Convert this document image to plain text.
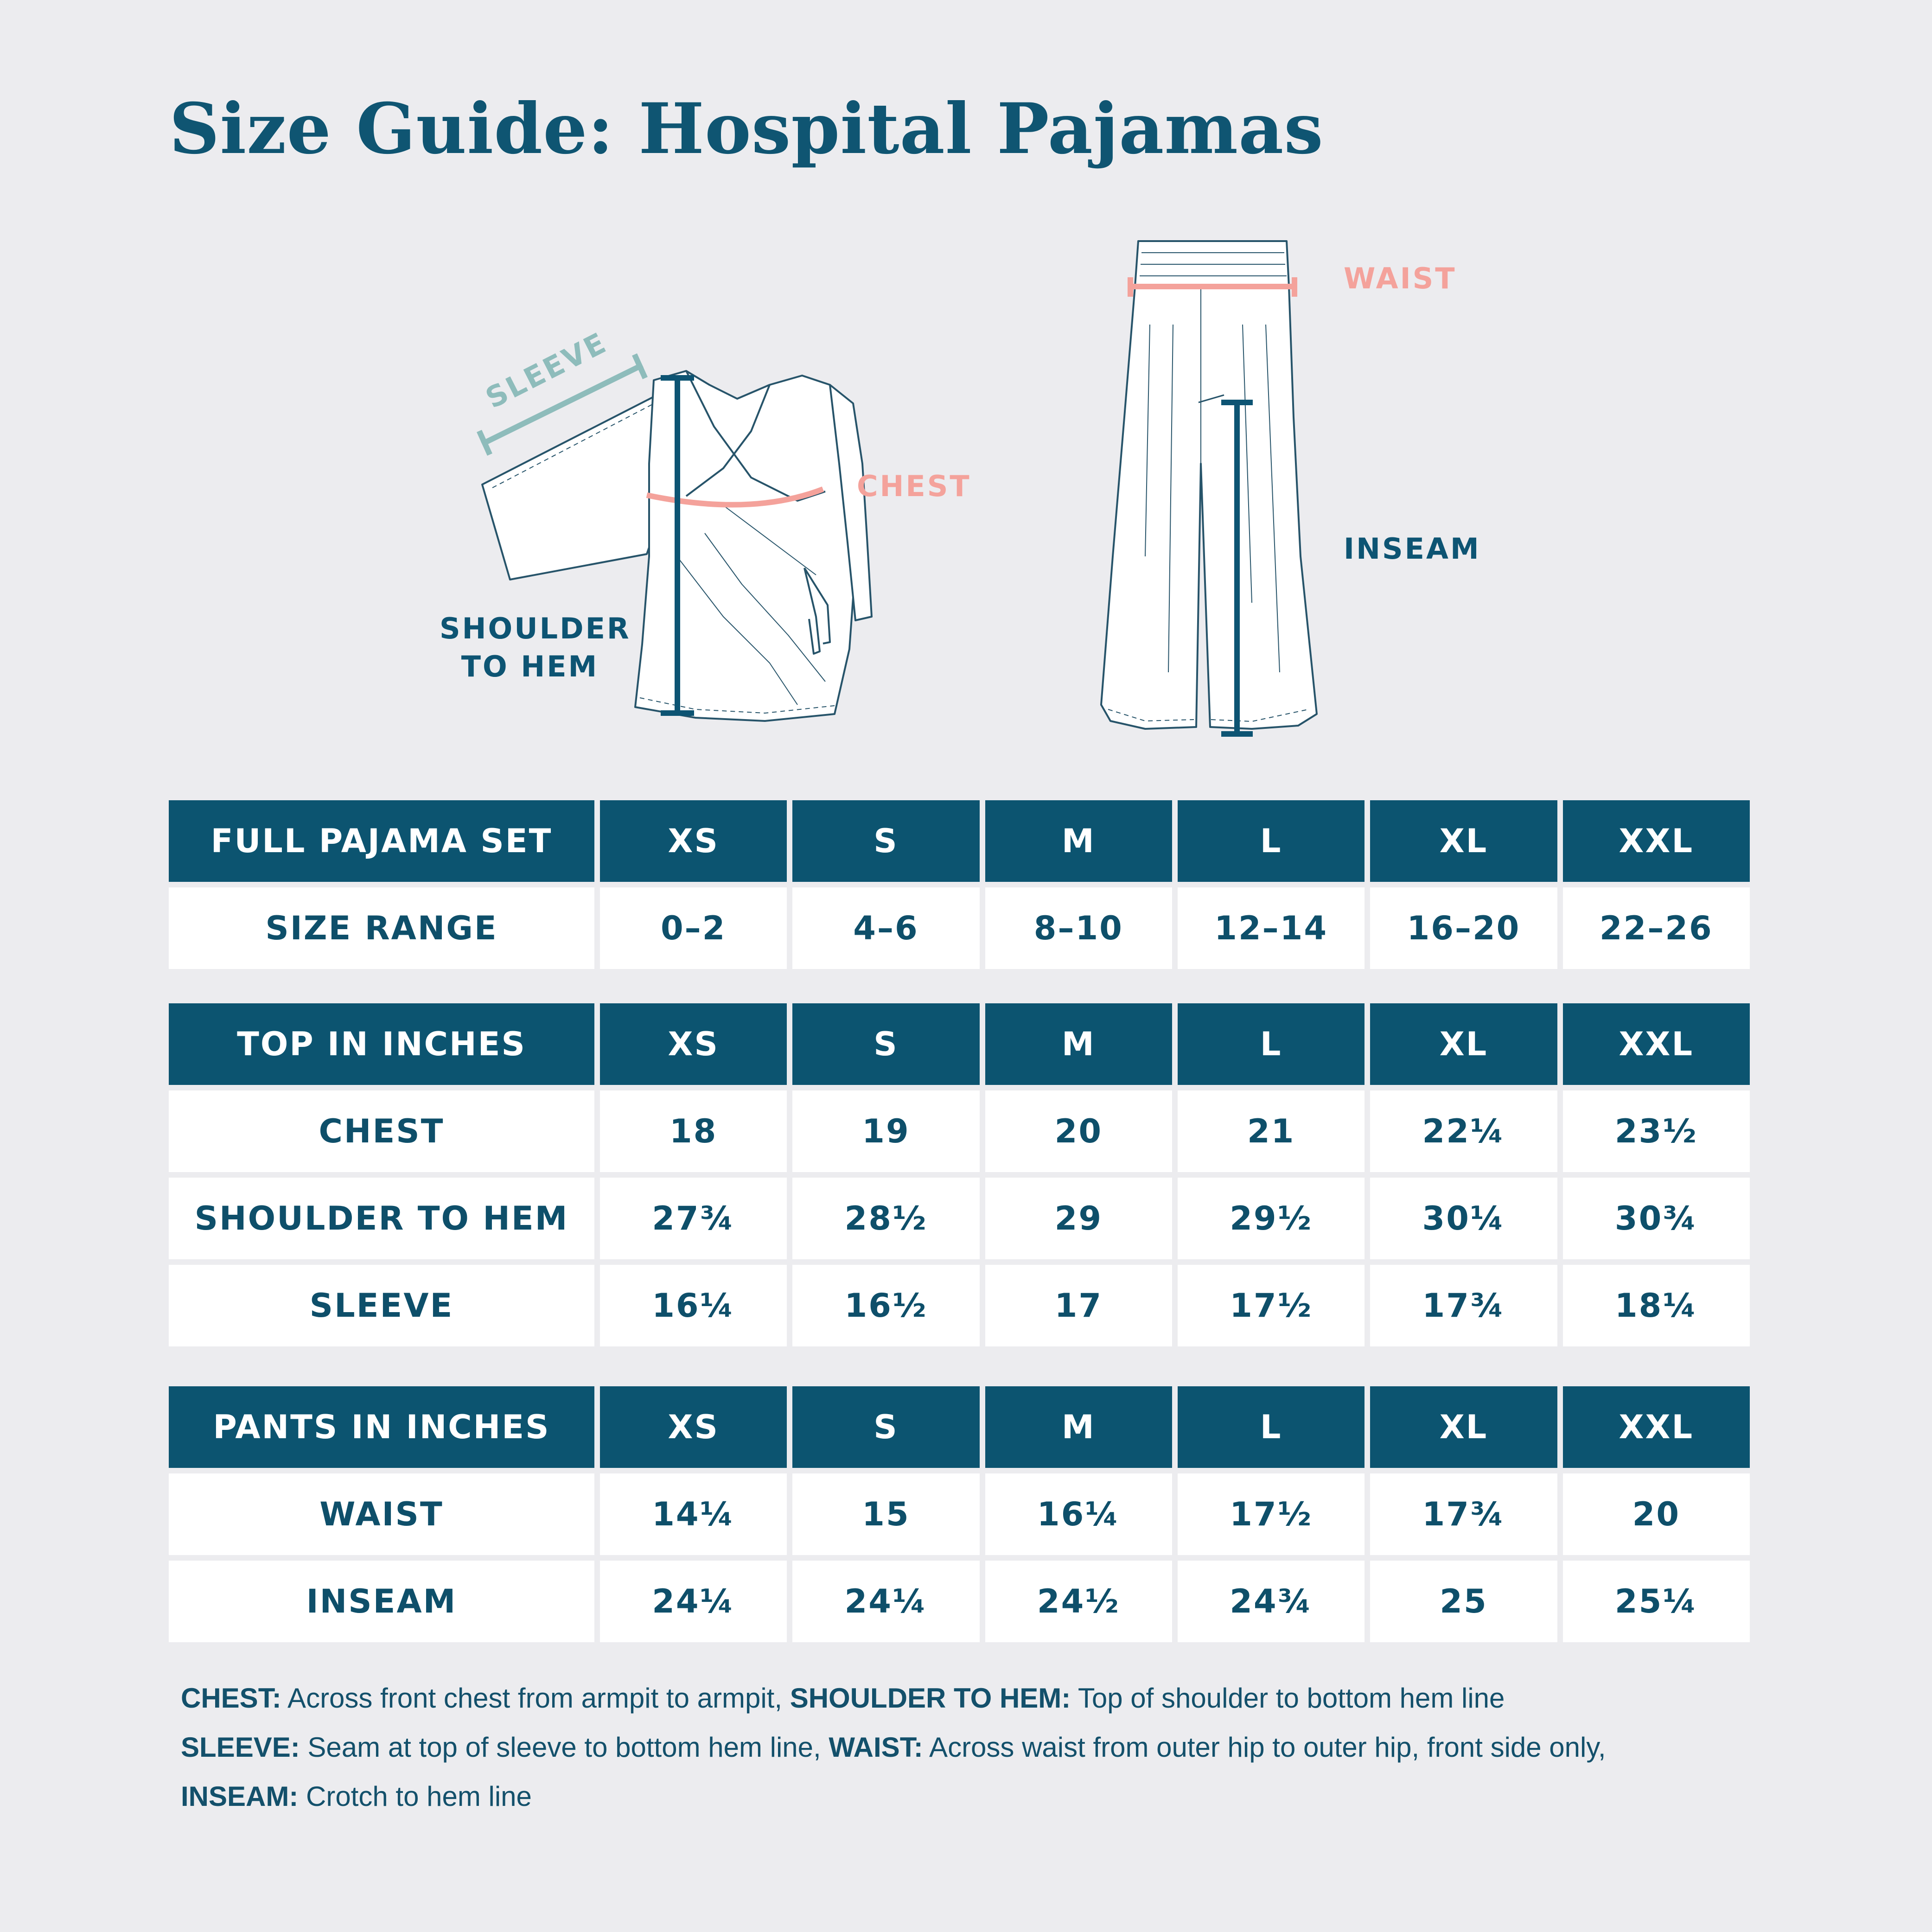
Size Guide: Hospital Pajamas
SLEEVE
CHEST
SHOULDER
TO HEM
WAIST
INSEAM
FULL PAJAMA SET	XS	S	M	L	XL	XXL
SIZE RANGE	0–2	4–6	8–10	12–14	16–20	22–26
TOP IN INCHES	XS	S	M	L	XL	XXL
CHEST	18	19	20	21	22¼	23½
SHOULDER TO HEM	27¾	28½	29	29½	30¼	30¾
SLEEVE	16¼	16½	17	17½	17¾	18¼
PANTS IN INCHES	XS	S	M	L	XL	XXL
WAIST	14¼	15	16¼	17½	17¾	20
INSEAM	24¼	24¼	24½	24¾	25	25¼

CHEST: Across front chest from armpit to armpit, SHOULDER TO HEM: Top of shoulder to bottom hem line

SLEEVE: Seam at top of sleeve to bottom hem line, WAIST: Across waist from outer hip to outer hip, front side only,

INSEAM: Crotch to hem line
